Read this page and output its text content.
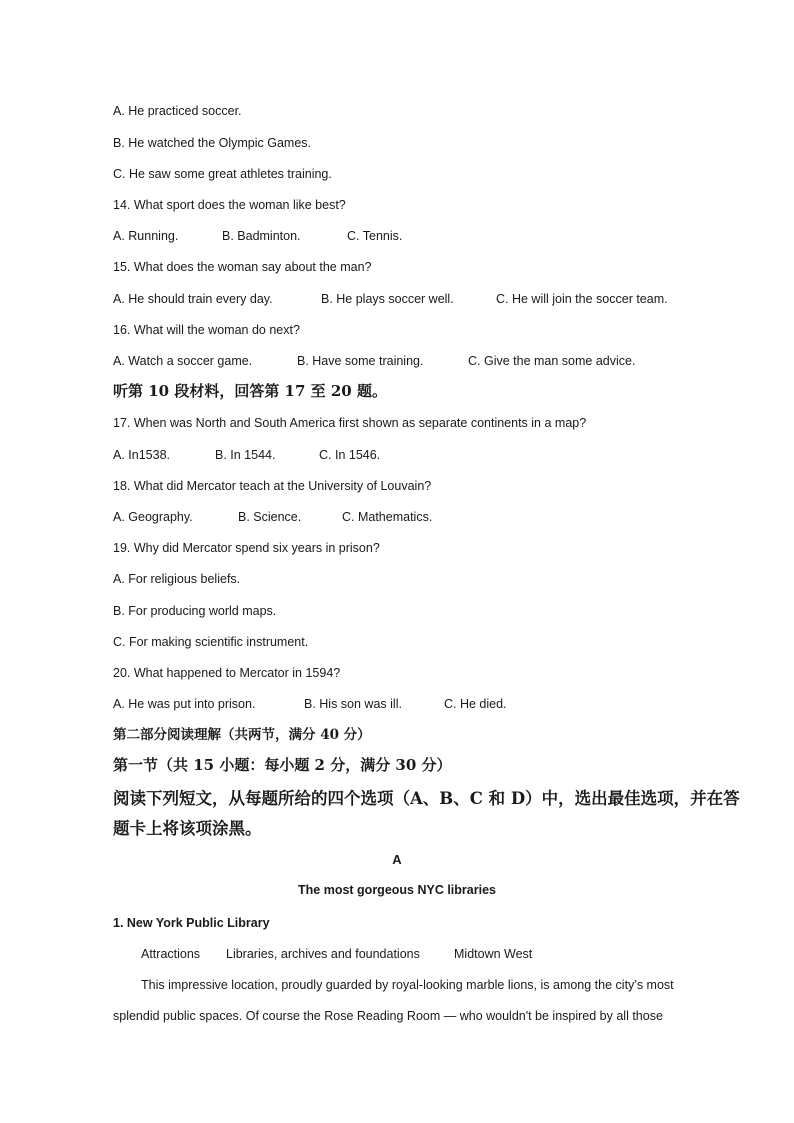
A. He practiced soccer.
B. He watched the Olympic Games.
C. He saw some great athletes training.
14. What sport does the woman like best?
A. Running.	B. Badminton.	C. Tennis.
15. What does the woman say about the man?
A. He should train every day.	B. He plays soccer well.	C. He will join the soccer team.
16. What will the woman do next?
A. Watch a soccer game.	B. Have some training.	C. Give the man some advice.
听第 10 段材料，回答第 17 至 20 题。
17. When was North and South America first shown as separate continents in a map?
A. In1538.	B. In 1544.	C. In 1546.
18. What did Mercator teach at the University of Louvain?
A. Geography.	B. Science.	C. Mathematics.
19. Why did Mercator spend six years in prison?
A. For religious beliefs.
B. For producing world maps.
C. For making scientific instrument.
20. What happened to Mercator in 1594?
A. He was put into prison.	B. His son was ill.	C. He died.
第二部分阅读理解（共两节，满分 40 分）
第一节（共 15 小题：每小题 2 分，满分 30 分）
阅读下列短文，从每题所给的四个选项（A、B、C 和 D）中，选出最佳选项，并在答
题卡上将该项涂黑。
A
The most gorgeous NYC libraries
1. New York Public Library
Attractions Libraries, archives and foundations	Midtown West
This impressive location, proudly guarded by royal-looking marble lions, is among the city’s most
splendid public spaces. Of course the Rose Reading Room — who wouldn't be inspired by all those
